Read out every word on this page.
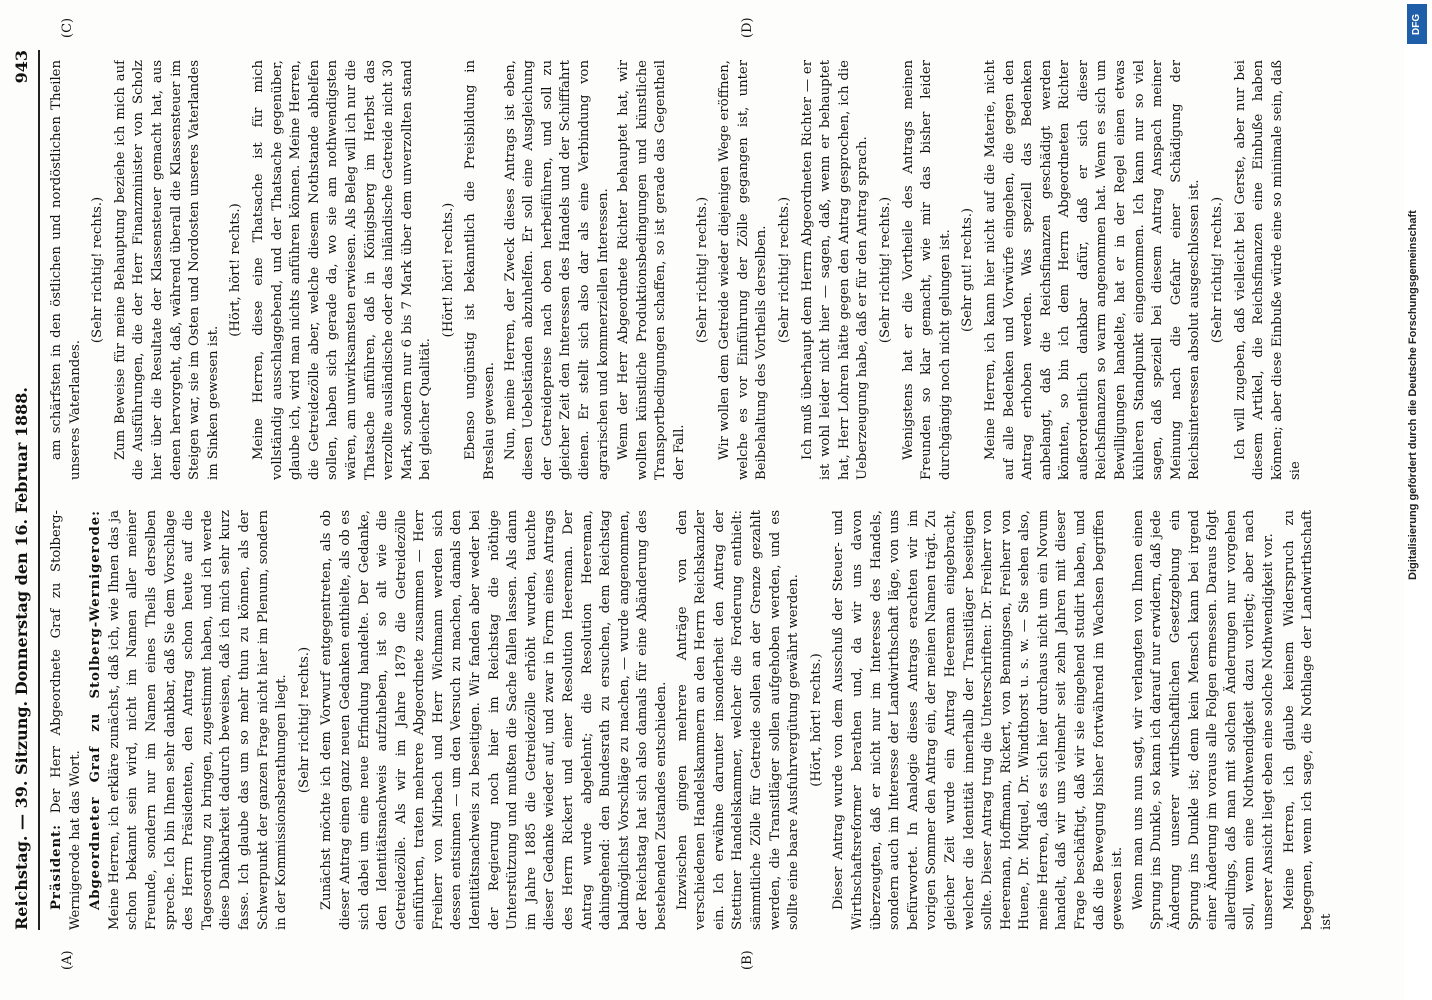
Reichstag. — 39. Sitzung. Donnerstag den 16. Februar 1888.
943
(A)	(B)
(C)	(D)

Präsident: Der Herr Abgeordnete Graf zu Stolberg-Wernigerode hat das Wort. Abgeordneter Graf zu Stolberg-Wernigerode: Meine Herren, ich erkläre zunächst, daß ich, wie Ihnen das ja schon bekannt sein wird, nicht im Namen aller meiner Freunde, sondern nur im Namen eines Theils derselben spreche. Ich bin Ihnen sehr dankbar, daß Sie dem Vorschlage des Herrn Präsidenten, den Antrag schon heute auf die Tagesordnung zu bringen, zugestimmt haben, und ich werde diese Dankbarkeit dadurch beweisen, daß ich mich sehr kurz fasse. Ich glaube das um so mehr thun zu können, als der Schwerpunkt der ganzen Frage nicht hier im Plenum, sondern in der Kommissionsberathungen liegt. (Sehr richtig! rechts.) Zunächst möchte ich dem Vorwurf entgegentreten, als ob dieser Antrag einen ganz neuen Gedanken enthielte, als ob es sich dabei um eine neue Erfindung handelte. Der Gedanke, den Identitätsnachweis aufzuheben, ist so alt wie die Getreidezölle. Als wir im Jahre 1879 die Getreidezölle einführten, traten mehrere Abgeordnete zusammen — Herr Freiherr von Mirbach und Herr Wichmann werden sich dessen entsinnen — um den Versuch zu machen, damals den Identitätsnachweis zu beseitigen. Wir fanden aber weder bei der Regierung noch hier im Reichstag die nöthige Unterstützung und mußten die Sache fallen lassen. Als dann im Jahre 1885 die Getreidezölle erhöht wurden, tauchte dieser Gedanke wieder auf, und zwar in Form eines Antrags des Herrn Rickert und einer Resolution Heereman. Der Antrag wurde abgelehnt; die Resolution Heereman, dahingehend: den Bundesrath zu ersuchen, dem Reichstag baldmöglichst Vorschläge zu machen, — wurde angenommen, der Reichstag hat sich also damals für eine Abänderung des bestehenden Zustandes entschieden. Inzwischen gingen mehrere Anträge von den verschiedenen Handelskammern an den Herrn Reichskanzler ein. Ich erwähne darunter insonderheit den Antrag der Stettiner Handelskammer, welcher die Forderung enthielt: sämmtliche Zölle für Getreide sollen an der Grenze gezahlt werden, die Transitläger sollen aufgehoben werden, und es sollte eine baare Ausfuhrvergütung gewährt werden. (Hört, hört! rechts.) Dieser Antrag wurde von dem Ausschuß der Steuer- und Wirthschaftsreformer berathen und, da wir uns davon überzeugten, daß er nicht nur im Interesse des Handels, sondern auch im Interesse der Landwirthschaft läge, von uns befürwortet. In Analogie dieses Antrags erachten wir im vorigen Sommer den Antrag ein, der meinen Namen trägt. Zu gleicher Zeit wurde ein Antrag Heereman eingebracht, welcher die Identität innerhalb der Transitläger beseitigen sollte. Dieser Antrag trug die Unterschriften: Dr. Freiherr von Heereman, Hoffmann, Rickert, von Benningsen, Freiherr von Huene, Dr. Miquel, Dr. Windthorst u. s. w. — Sie sehen also, meine Herren, daß es sich hier durchaus nicht um ein Novum handelt, daß wir uns vielmehr seit zehn Jahren mit dieser Frage beschäftigt, daß wir sie eingehend studirt haben, und daß die Bewegung bisher fortwährend im Wachsen begriffen gewesen ist. Wenn man uns nun sagt, wir verlangten von Ihnen einen Sprung ins Dunkle, so kann ich darauf nur erwidern, daß jede Änderung unserer wirthschaftlichen Gesetzgebung ein Sprung ins Dunkle ist; denn kein Mensch kann bei irgend einer Änderung im voraus alle Folgen ermessen. Daraus folgt allerdings, daß man mit solchen Änderungen nur vorgehen soll, wenn eine Nothwendigkeit dazu vorliegt; aber nach unserer Ansicht liegt eben eine solche Nothwendigkeit vor. Meine Herren, ich glaube keinem Widerspruch zu begegnen, wenn ich sage, die Nothlage der Landwirthschaft ist

am schärfsten in den östlichen und nordöstlichen Theilen unseres Vaterlandes.

(Sehr richtig! rechts.) Zum Beweise für meine Behauptung beziehe ich mich auf die Ausführungen, die der Herr Finanzminister von Scholz hier über die Resultate der Klassensteuer gemacht hat, aus denen hervorgeht, daß, während überall die Klassensteuer im Steigen war, sie im Osten und Nordosten unseres Vaterlandes im Sinken gewesen ist.

(Hört, hört! rechts.) Meine Herren, diese eine Thatsache ist für mich vollständig ausschlaggebend, und der Thatsache gegenüber, glaube ich, wird man nichts anführen können. Meine Herren, die Getreidezölle aber, welche diesem Nothstande abhelfen sollen, haben sich gerade da, wo sie am nothwendigsten wären, am unwirksamsten erwiesen. Als Beleg will ich nur die Thatsache anführen, daß in Königsberg im Herbst das verzollte ausländische oder das inländische Getreide nicht 30 Mark, sondern nur 6 bis 7 Mark über dem unverzollten stand bei gleicher Qualität.

(Hört! hört! rechts.) Ebenso ungünstig ist bekanntlich die Preisbildung in Breslau gewesen. Nun, meine Herren, der Zweck dieses Antrags ist eben, diesen Uebelständen abzuhelfen. Er soll eine Ausgleichung der Getreidepreise nach oben herbeiführen, und soll zu gleicher Zeit den Interessen des Handels und der Schifffahrt dienen. Er stellt sich also dar als eine Verbindung von agrarischen und kommerziellen Interessen. Wenn der Herr Abgeordnete Richter behauptet hat, wir wollten künstliche Produktionsbedingungen und künstliche Transportbedingungen schaffen, so ist gerade das Gegentheil der Fall.

(Sehr richtig! rechts.) Wir wollen dem Getreide wieder diejenigen Wege eröffnen, welche es vor Einführung der Zölle gegangen ist, unter Beibehaltung des Vortheils derselben. (Sehr richtig! rechts.) Ich muß überhaupt dem Herrn Abgeordneten Richter — er ist wohl leider nicht hier — sagen, daß, wenn er behauptet hat, Herr Lohren hätte gegen den Antrag gesprochen, ich die Ueberzeugung habe, daß er für den Antrag sprach. (Sehr richtig! rechts.) Wenigstens hat er die Vortheile des Antrags meinen Freunden so klar gemacht, wie mir das bisher leider durchgängig noch nicht gelungen ist. (Sehr gut! rechts.) Meine Herren, ich kann hier nicht auf die Materie, nicht auf alle Bedenken und Vorwürfe eingehen, die gegen den Antrag erhoben werden. Was speziell das Bedenken anbelangt, daß die Reichsfinanzen geschädigt werden könnten, so bin ich dem Herrn Abgeordneten Richter außerordentlich dankbar dafür, daß er sich dieser Reichsfinanzen so warm angenommen hat. Wenn es sich um Bewilligungen handelte, hat er in der Regel einen etwas kühleren Standpunkt eingenommen. Ich kann nur so viel sagen, daß speziell bei diesem Antrag Anspach meiner Meinung nach die Gefahr einer Schädigung der Reichsinteressen absolut ausgeschlossen ist. (Sehr richtig! rechts.) Ich will zugeben, daß vielleicht bei Gerste, aber nur bei diesem Artikel, die Reichsfinanzen eine Einbuße haben können; aber diese Einbuße würde eine so minimale sein, daß sie

DFG
Digitalisierung gefördert durch die Deutsche Forschungsgemeinschaft
